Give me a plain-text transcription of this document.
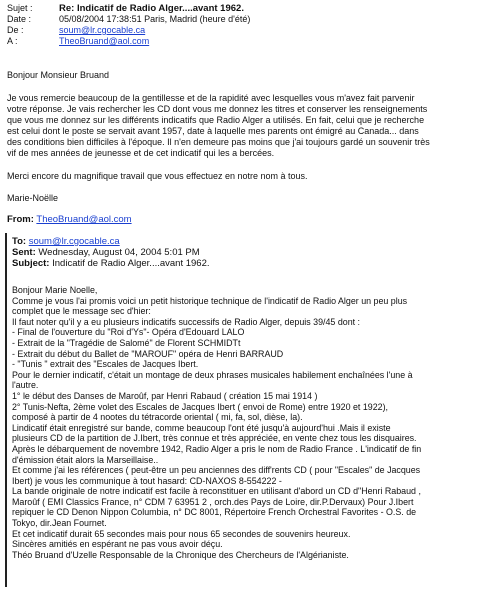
Sujet :	Re: Indicatif de Radio Alger....avant 1962.
Date :	05/08/2004 17:38:51 Paris, Madrid (heure d'été)
De :	soum@lr.cgocable.ca
A :	TheoBruand@aol.com

Bonjour Monsieur Bruand

Je vous remercie beaucoup de la gentillesse et de la rapidité avec lesquelles vous m'avez fait parvenir
votre réponse. Je vais rechercher les CD dont vous me donnez les titres et conserver les renseignements
que vous me donnez sur les différents indicatifs que Radio Alger a utilisés. En fait, celui que je recherche
est celui dont le poste se servait avant 1957, date à laquelle mes parents ont émigré au Canada... dans
des conditions bien difficiles à l'époque. Il n'en demeure pas moins que j'ai toujours gardé un souvenir très
vif de mes années de jeunesse et de cet indicatif qui les a bercées.

Merci encore du magnifique travail que vous effectuez en notre nom à tous.

Marie-Noëlle

From: TheoBruand@aol.com
To: soum@lr.cgocable.ca
Sent: Wednesday, August 04, 2004 5:01 PM
Subject: Indicatif de Radio Alger....avant 1962.
Bonjour Marie Noelle,
Comme je vous l'ai promis voici un petit historique technique de l'indicatif de Radio Alger un peu plus
complet que le message sec d'hier:
Il faut noter qu'il y a eu plusieurs indicatifs successifs de Radio Alger, depuis 39/45 dont :
- Final de l'ouverture du "Roi d'Ys"- Opéra d'Edouard LALO
- Extrait de la "Tragédie de Salomé" de Florent SCHMIDTt
- Extrait du début du Ballet de "MAROUF" opéra de Henri BARRAUD
- "Tunis " extrait des "Escales de Jacques Ibert.
Pour le dernier indicatif, c'était un montage de deux phrases musicales habilement enchaînées l'une à
l'autre.
1° le début des Danses de Maroûf, par Henri Rabaud ( création 15 mai 1914 )
2° Tunis-Nefta, 2ème volet des Escales de Jacques Ibert ( envoi de Rome) entre 1920 et 1922),
composé à partir de 4 nootes du tétracorde oriental ( mi, fa, sol, dièse, la).
Lindicatif était enregistré sur bande, comme beaucoup l'ont été jusqu'à aujourd'hui .Mais il existe
plusieurs CD de la partition de J.Ibert, très connue et très appréciée, en vente chez tous les disquaires.
Après le débarquement de novembre 1942, Radio Alger a pris le nom de Radio France . L'indicatif de fin
d'émission était alors la Marseillaise..
Et comme j'ai les références ( peut-être un peu anciennes des diff'rents CD ( pour "Escales" de Jacques
Ibert) je vous les communique à tout hasard: CD-NAXOS 8-554222 -
La bande originale de notre indicatif est facile à reconstituer en utilisant d'abord un CD d"Henri Rabaud ,
Maroûf ( EMI Classics France, n° CDM 7 63951 2 , orch.des Pays de Loire, dir.P.Dervaux) Pour J.Ibert
repiquer le CD Denon Nippon Columbia, n° DC 8001, Répertoire French Orchestral Favorites - O.S. de
Tokyo, dir.Jean Fournet.
Et cet indicatif durait 65 secondes mais pour nous 65 secondes de souvenirs heureux.
Sincères amitiés en espérant ne pas vous avoir déçu.
Théo Bruand d'Uzelle Responsable de la Chronique des Chercheurs de l'Algérianiste.
